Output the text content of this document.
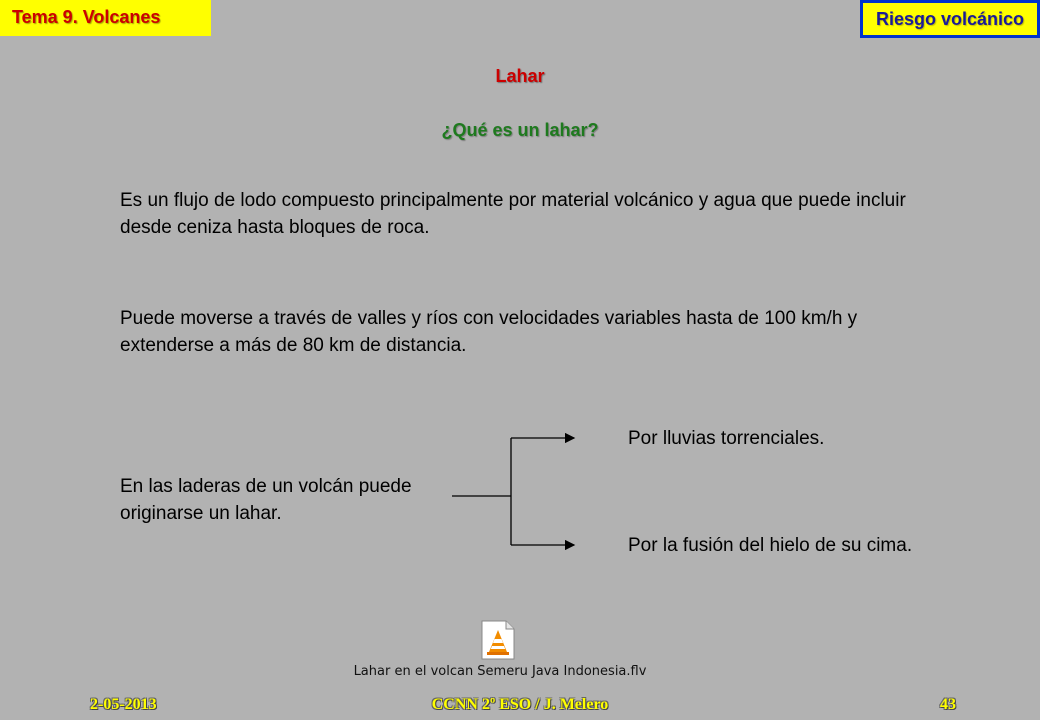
Tema 9. Volcanes	Riesgo volcánico
Lahar
¿Qué es un lahar?
Es un flujo de lodo compuesto principalmente por material volcánico y agua que puede incluir desde ceniza hasta bloques de roca.
Puede moverse a través de valles y ríos con velocidades variables hasta de 100 km/h y extenderse a más de 80 km de distancia.
En las laderas de un volcán puede originarse un lahar.
Por lluvias torrenciales.
Por la fusión del hielo de su cima.
Lahar en el volcan Semeru Java Indonesia.flv
2-05-2013	CCNN 2º ESO / J. Melero	43
